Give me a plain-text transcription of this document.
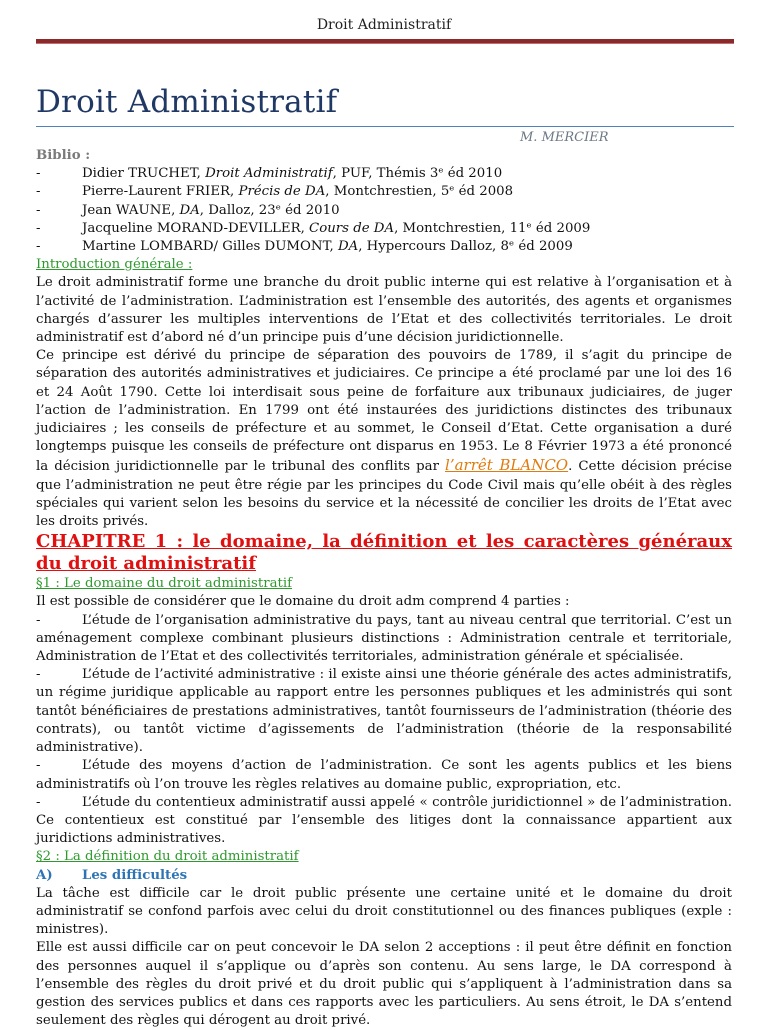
Droit Administratif
Droit Administratif
M. MERCIER

Biblio :

-	Didier TRUCHET, Droit Administratif, PUF, Thémis 3ᵉ éd 2010
-	Pierre-Laurent FRIER, Précis de DA, Montchrestien, 5ᵉ éd 2008
-	Jean WAUNE, DA, Dalloz, 23ᵉ éd 2010
-	Jacqueline MORAND-DEVILLER, Cours de DA, Montchrestien, 11ᵉ éd 2009
-	Martine LOMBARD/ Gilles DUMONT, DA, Hypercours Dalloz, 8ᵉ éd 2009

Introduction générale :

Le droit administratif forme une branche du droit public interne qui est relative à l’organisation et à l’activité de l’administration. L’administration est l’ensemble des autorités, des agents et organismes chargés d’assurer les multiples interventions de l’Etat et des collectivités territoriales. Le droit administratif est d’abord né d’un principe puis d’une décision juridictionnelle.

Ce principe est dérivé du principe de séparation des pouvoirs de 1789, il s’agit du principe de séparation des autorités administratives et judiciaires. Ce principe a été proclamé par une loi des 16 et 24 Août 1790. Cette loi interdisait sous peine de forfaiture aux tribunaux judiciaires, de juger l’action de l’administration. En 1799 ont été instaurées des juridictions distinctes des tribunaux judiciaires ; les conseils de préfecture et au sommet, le Conseil d’Etat. Cette organisation a duré longtemps puisque les conseils de préfecture ont disparus en 1953. Le 8 Février 1973 a été prononcé la décision juridictionnelle par le tribunal des conflits par l’arrêt BLANCO. Cette décision précise que l’administration ne peut être régie par les principes du Code Civil mais qu’elle obéit à des règles spéciales qui varient selon les besoins du service et la nécessité de concilier les droits de l’Etat avec les droits privés.

CHAPITRE 1 : le domaine, la définition et les caractères généraux du droit administratif

§1 : Le domaine du droit administratif

Il est possible de considérer que le domaine du droit adm comprend 4 parties :

-	L’étude de l’organisation administrative du pays, tant au niveau central que territorial. C’est un aménagement complexe combinant plusieurs distinctions : Administration centrale et territoriale, Administration de l’Etat et des collectivités territoriales, administration générale et spécialisée.

-	L’étude de l’activité administrative : il existe ainsi une théorie générale des actes administratifs, un régime juridique applicable au rapport entre les personnes publiques et les administrés qui sont tantôt bénéficiaires de prestations administratives, tantôt fournisseurs de l’administration (théorie des contrats), ou tantôt victime d’agissements de l’administration (théorie de la responsabilité administrative).

-	L’étude des moyens d’action de l’administration. Ce sont les agents publics et les biens administratifs où l’on trouve les règles relatives au domaine public, expropriation, etc.

-	L’étude du contentieux administratif aussi appelé « contrôle juridictionnel » de l’administration. Ce contentieux est constitué par l’ensemble des litiges dont la connaissance appartient aux juridictions administratives.

§2 : La définition du droit administratif

A) Les difficultés

La tâche est difficile car le droit public présente une certaine unité et le domaine du droit administratif se confond parfois avec celui du droit constitutionnel ou des finances publiques (exple : ministres).

Elle est aussi difficile car on peut concevoir le DA selon 2 acceptions : il peut être définit en fonction des personnes auquel il s’applique ou d’après son contenu. Au sens large, le DA correspond à l’ensemble des règles du droit privé et du droit public qui s’appliquent à l’administration dans sa gestion des services publics et dans ces rapports avec les particuliers. Au sens étroit, le DA s’entend seulement des règles qui dérogent au droit privé.
